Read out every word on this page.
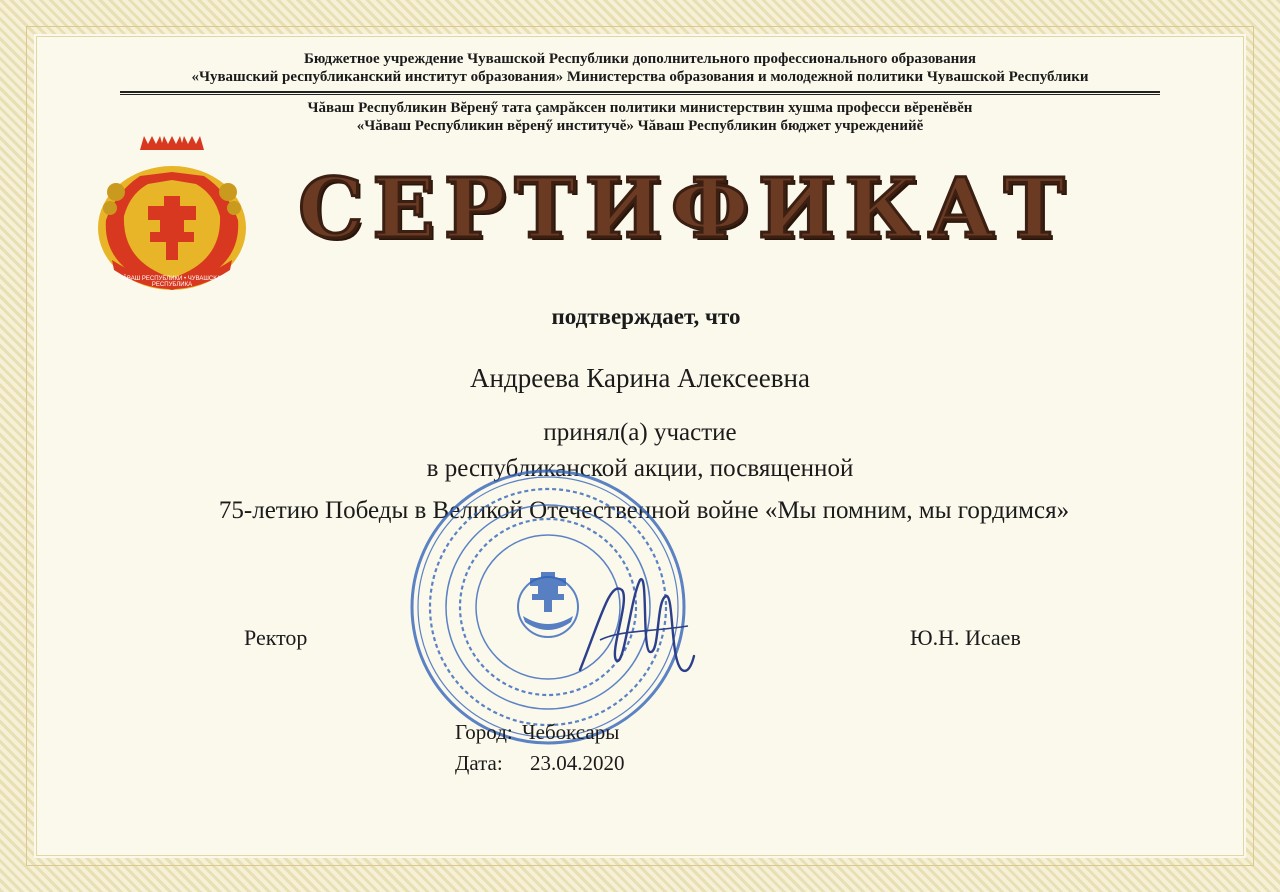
Бюджетное учреждение Чувашской Республики дополнительного профессионального образования
«Чувашский республиканский институт образования» Министерства образования и молодежной политики Чувашской Республики
Чăваш Республикин Вĕренӳ тата çамрăксен политики министерствин хушма професси вĕренĕвĕн
«Чăваш Республикин вĕренӳ институчĕ» Чăваш Республикин бюджет учрежденийĕ
ЧĂВАШ РЕСПУБЛИКИ • ЧУВАШСКАЯ РЕСПУБЛИКА
СЕРТИФИКАТ
подтверждает, что
Андреева Карина Алексеевна
принял(а) участие
в республиканской акции, посвященной
75-летию Победы в Великой Отечественной войне «Мы помним, мы гордимся»
Ректор	Ю.Н. Исаев
Город: Чебоксары
Дата: 23.04.2020
